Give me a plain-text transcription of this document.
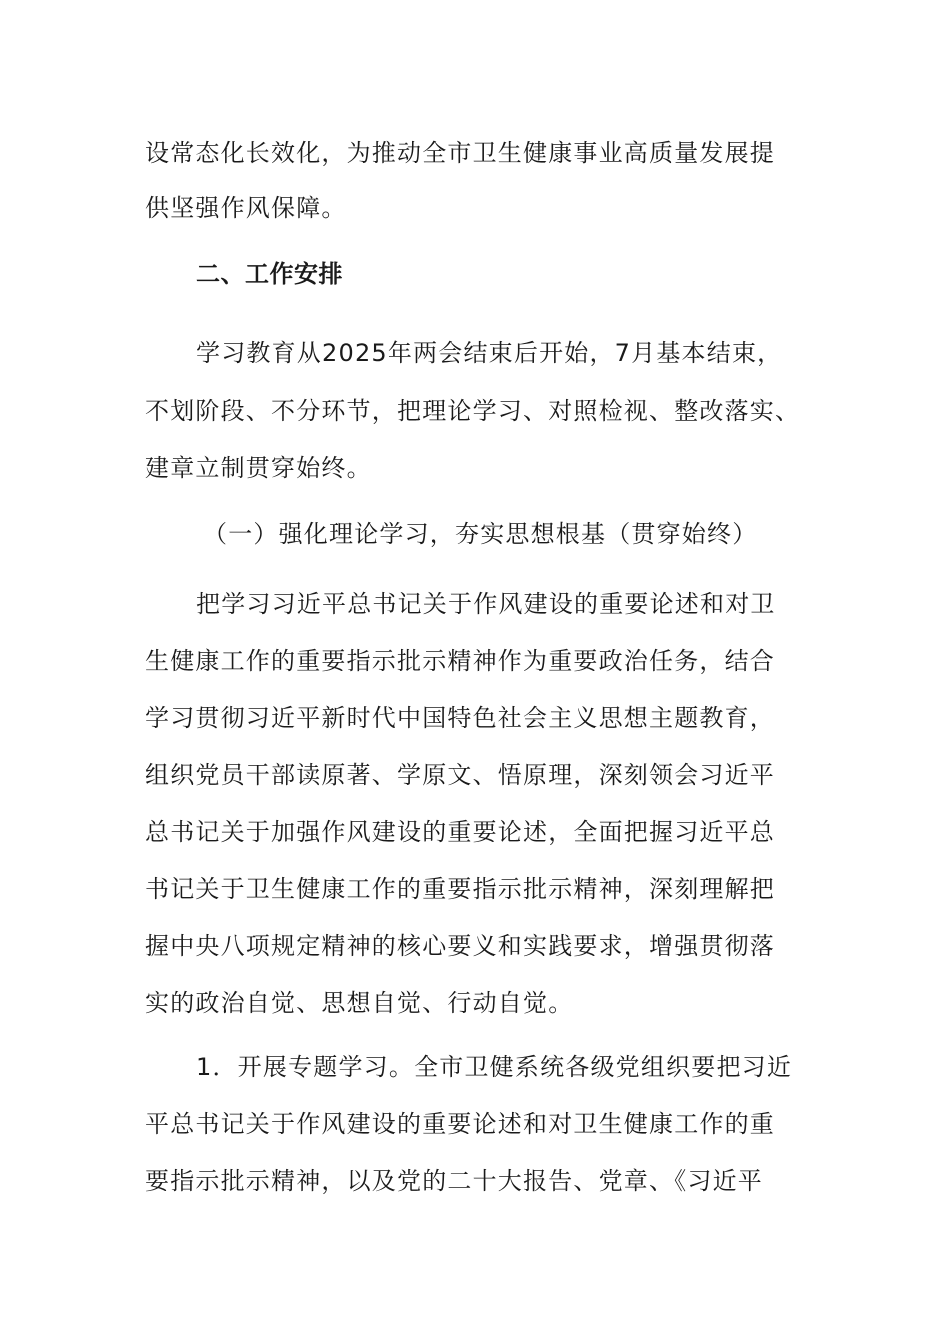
设常态化长效化，为推动全市卫生健康事业高质量发展提
供坚强作风保障。
二、工作安排
学习教育从2025年两会结束后开始，7月基本结束，
不划阶段、不分环节，把理论学习、对照检视、整改落实、
建章立制贯穿始终。
（一）强化理论学习，夯实思想根基（贯穿始终）
把学习习近平总书记关于作风建设的重要论述和对卫
生健康工作的重要指示批示精神作为重要政治任务，结合
学习贯彻习近平新时代中国特色社会主义思想主题教育，
组织党员干部读原著、学原文、悟原理，深刻领会习近平
总书记关于加强作风建设的重要论述，全面把握习近平总
书记关于卫生健康工作的重要指示批示精神，深刻理解把
握中央八项规定精神的核心要义和实践要求，增强贯彻落
实的政治自觉、思想自觉、行动自觉。
1．开展专题学习。全市卫健系统各级党组织要把习近
平总书记关于作风建设的重要论述和对卫生健康工作的重
要指示批示精神，以及党的二十大报告、党章、《习近平
